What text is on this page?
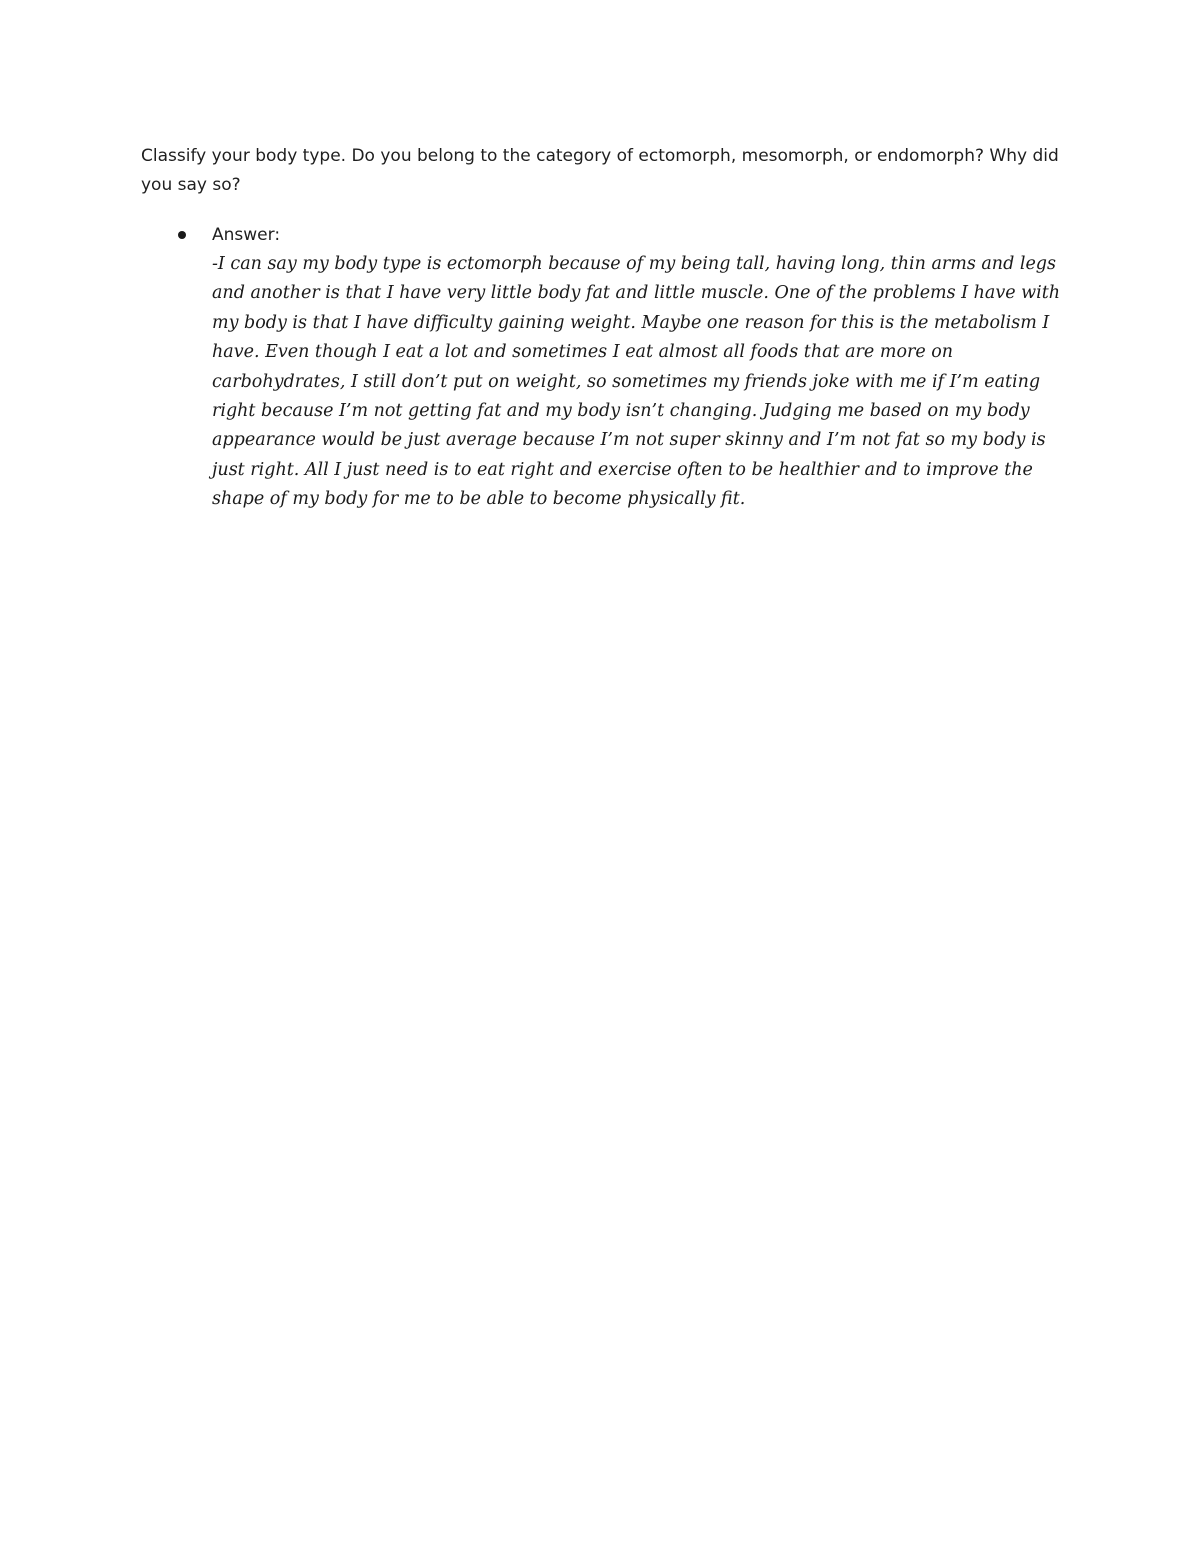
Classify your body type. Do you belong to the category of ectomorph, mesomorph, or endomorph? Why did you say so?

Answer:

-I can say my body type is ectomorph because of my being tall, having long, thin arms and legs and another is that I have very little body fat and little muscle. One of the problems I have with my body is that I have difficulty gaining weight. Maybe one reason for this is the metabolism I have. Even though I eat a lot and sometimes I eat almost all foods that are more on carbohydrates, I still don’t put on weight, so sometimes my friends joke with me if I’m eating right because I’m not getting fat and my body isn’t changing. Judging me based on my body appearance would be just average because I’m not super skinny and I’m not fat so my body is just right. All I just need is to eat right and exercise often to be healthier and to improve the shape of my body for me to be able to become physically fit.
